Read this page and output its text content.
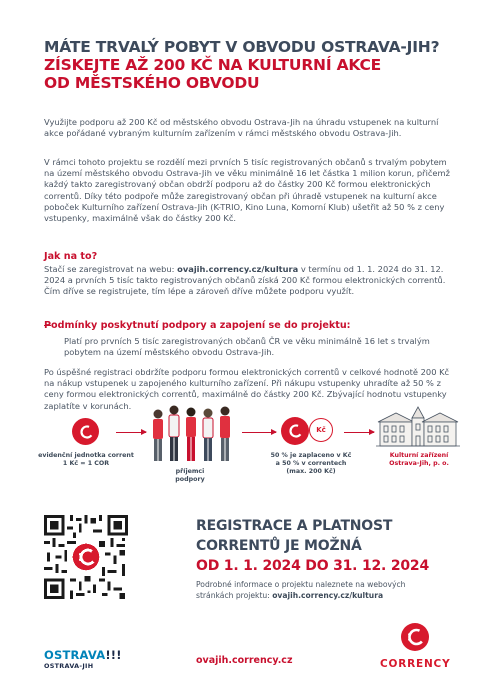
MÁTE TRVALÝ POBYT V OBVODU OSTRAVA-JIH?
ZÍSKEJTE AŽ 200 KČ NA KULTURNÍ AKCE
OD MĚSTSKÉHO OBVODU

Využijte podporu až 200 Kč od městského obvodu Ostrava-Jih na úhradu vstupenek na kulturní akce pořádané vybraným kulturním zařízením v rámci městského obvodu Ostrava-Jih.

V rámci tohoto projektu se rozdělí mezi prvních 5 tisíc registrovaných občanů s trvalým pobytem na území městského obvodu Ostrava-Jih ve věku minimálně 16 let částka 1 milion korun, přičemž každý takto zaregistrovaný občan obdrží podporu až do částky 200 Kč formou elektronických correntů. Díky této podpoře může zaregistrovaný občan při úhradě vstupenek na kulturní akce poboček Kulturního zařízení Ostrava-Jih (K-TRIO, Kino Luna, Komorní Klub) ušetřit až 50 % z ceny vstupenky, maximálně však do částky 200 Kč.

Jak na to?

Stačí se zaregistrovat na webu: ovajih.corrency.cz/kultura v termínu od 1. 1. 2024 do 31. 12. 2024 a prvních 5 tisíc takto registrovaných občanů získá 200 Kč formou elektronických correntů. Čím dříve se registrujete, tím lépe a zároveň dříve můžete podporu využít.

Podmínky poskytnutí podpory a zapojení se do projektu:

Platí pro prvních 5 tisíc zaregistrovaných občanů ČR ve věku minimálně 16 let s trvalým pobytem na území městského obvodu Ostrava-Jih.

Po úspěšné registraci obdržíte podporu formou elektronických correntů v celkové hodnotě 200 Kč na nákup vstupenek u zapojeného kulturního zařízení. Při nákupu vstupenky uhradíte až 50 % z ceny formou elektronických correntů, maximálně do částky 200 Kč. Zbývající hodnotu vstupenky zaplatíte v korunách.

evidenční jednotka corrent
1 Kč = 1 COR
příjemci
podpory
Kč
50 % je zaplaceno v Kč
a 50 % v correntech
(max. 200 Kč)
Kulturní zařízení
Ostrava-Jih, p. o.
REGISTRACE A PLATNOST
CORRENTŮ JE MOŽNÁ
OD 1. 1. 2024 DO 31. 12. 2024

Podrobné informace o projektu naleznete na webových stránkách projektu: ovajih.corrency.cz/kultura

OSTRAVA!!!
OSTRAVA-JIH	ovajih.corrency.cz	CORRENCY
